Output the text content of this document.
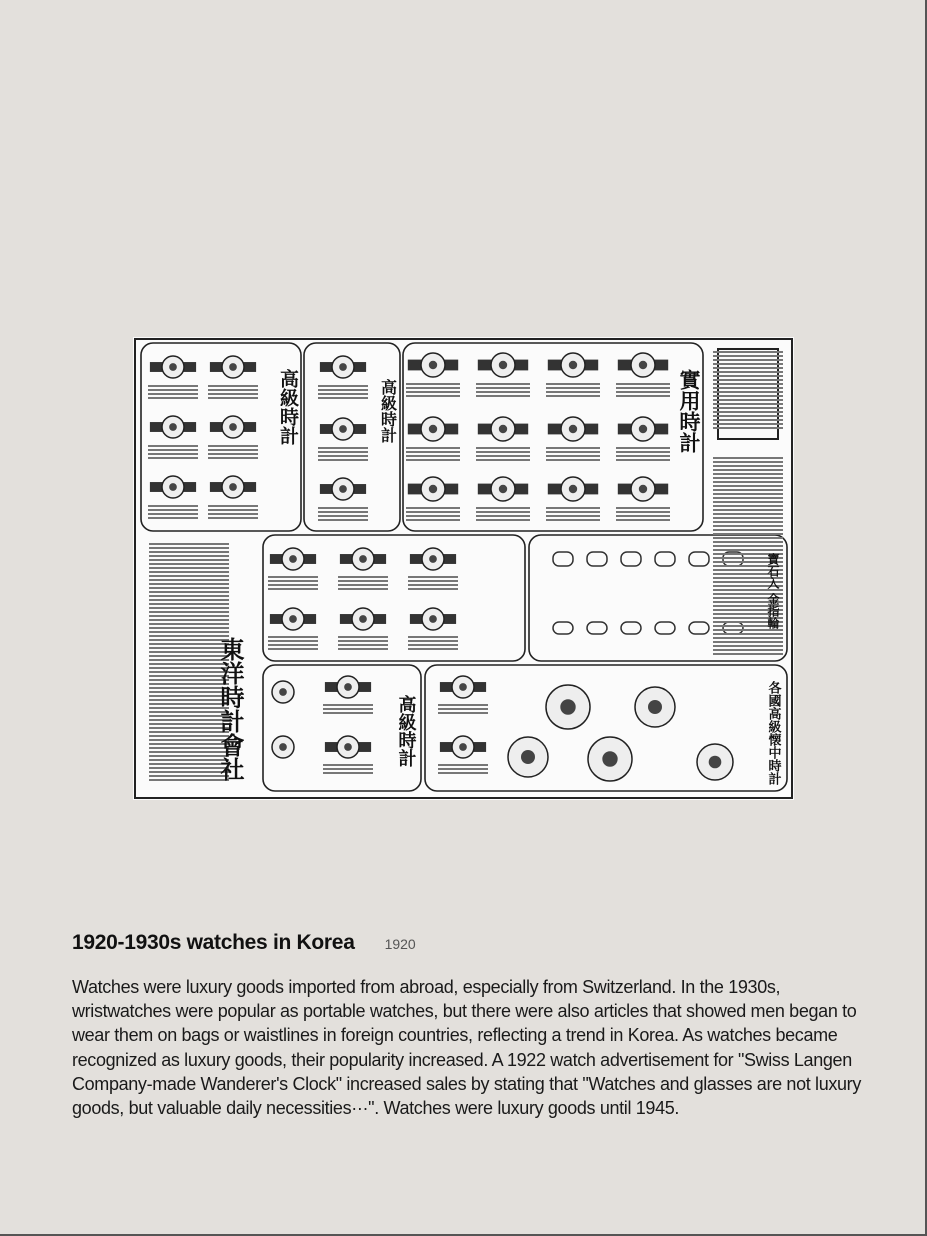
東洋時計會社
高級時計	高級時計	實用時計
寶石入 金指輪
各國高級懐中時計
高級時計
1920-1930s watches in Korea 1920

Watches were luxury goods imported from abroad, especially from Switzerland. In the 1930s, wristwatches were popular as portable watches, but there were also articles that showed men began to wear them on bags or waistlines in foreign countries, reflecting a trend in Korea. As watches became recognized as luxury goods, their popularity increased. A 1922 watch advertisement for "Swiss Langen Company-made Wanderer's Clock" increased sales by stating that "Watches and glasses are not luxury goods, but valuable daily necessities···". Watches were luxury goods until 1945.
